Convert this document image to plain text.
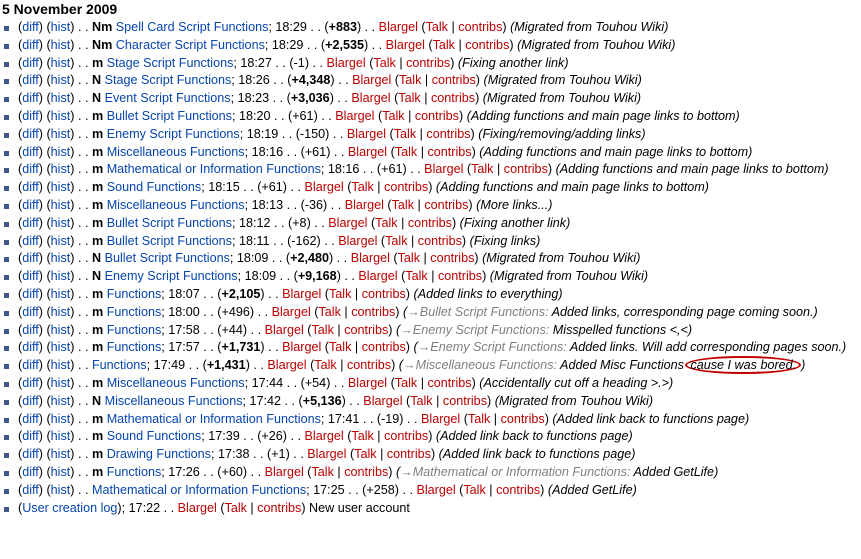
5 November 2009
(diff) (hist) . . Nm Spell Card Script Functions; 18:29 . . (+883) . . Blargel (Talk | contribs) (Migrated from Touhou Wiki)
(diff) (hist) . . Nm Character Script Functions; 18:29 . . (+2,535) . . Blargel (Talk | contribs) (Migrated from Touhou Wiki)
(diff) (hist) . . m Stage Script Functions; 18:27 . . (-1) . . Blargel (Talk | contribs) (Fixing another link)
(diff) (hist) . . N Stage Script Functions; 18:26 . . (+4,348) . . Blargel (Talk | contribs) (Migrated from Touhou Wiki)
(diff) (hist) . . N Event Script Functions; 18:23 . . (+3,036) . . Blargel (Talk | contribs) (Migrated from Touhou Wiki)
(diff) (hist) . . m Bullet Script Functions; 18:20 . . (+61) . . Blargel (Talk | contribs) (Adding functions and main page links to bottom)
(diff) (hist) . . m Enemy Script Functions; 18:19 . . (-150) . . Blargel (Talk | contribs) (Fixing/removing/adding links)
(diff) (hist) . . m Miscellaneous Functions; 18:16 . . (+61) . . Blargel (Talk | contribs) (Adding functions and main page links to bottom)
(diff) (hist) . . m Mathematical or Information Functions; 18:16 . . (+61) . . Blargel (Talk | contribs) (Adding functions and main page links to bottom)
(diff) (hist) . . m Sound Functions; 18:15 . . (+61) . . Blargel (Talk | contribs) (Adding functions and main page links to bottom)
(diff) (hist) . . m Miscellaneous Functions; 18:13 . . (-36) . . Blargel (Talk | contribs) (More links...)
(diff) (hist) . . m Bullet Script Functions; 18:12 . . (+8) . . Blargel (Talk | contribs) (Fixing another link)
(diff) (hist) . . m Bullet Script Functions; 18:11 . . (-162) . . Blargel (Talk | contribs) (Fixing links)
(diff) (hist) . . N Bullet Script Functions; 18:09 . . (+2,480) . . Blargel (Talk | contribs) (Migrated from Touhou Wiki)
(diff) (hist) . . N Enemy Script Functions; 18:09 . . (+9,168) . . Blargel (Talk | contribs) (Migrated from Touhou Wiki)
(diff) (hist) . . m Functions; 18:07 . . (+2,105) . . Blargel (Talk | contribs) (Added links to everything)
(diff) (hist) . . m Functions; 18:00 . . (+496) . . Blargel (Talk | contribs) (→Bullet Script Functions: Added links, corresponding page coming soon.)
(diff) (hist) . . m Functions; 17:58 . . (+44) . . Blargel (Talk | contribs) (→Enemy Script Functions: Misspelled functions <,<)
(diff) (hist) . . m Functions; 17:57 . . (+1,731) . . Blargel (Talk | contribs) (→Enemy Script Functions: Added links. Will add corresponding pages soon.)
(diff) (hist) . . Functions; 17:49 . . (+1,431) . . Blargel (Talk | contribs) (→Miscellaneous Functions: Added Misc Functions cause I was bored. )
(diff) (hist) . . m Miscellaneous Functions; 17:44 . . (+54) . . Blargel (Talk | contribs) (Accidentally cut off a heading >.>)
(diff) (hist) . . N Miscellaneous Functions; 17:42 . . (+5,136) . . Blargel (Talk | contribs) (Migrated from Touhou Wiki)
(diff) (hist) . . m Mathematical or Information Functions; 17:41 . . (-19) . . Blargel (Talk | contribs) (Added link back to functions page)
(diff) (hist) . . m Sound Functions; 17:39 . . (+26) . . Blargel (Talk | contribs) (Added link back to functions page)
(diff) (hist) . . m Drawing Functions; 17:38 . . (+1) . . Blargel (Talk | contribs) (Added link back to functions page)
(diff) (hist) . . m Functions; 17:26 . . (+60) . . Blargel (Talk | contribs) (→Mathematical or Information Functions: Added GetLife)
(diff) (hist) . . Mathematical or Information Functions; 17:25 . . (+258) . . Blargel (Talk | contribs) (Added GetLife)
(User creation log); 17:22 . . Blargel (Talk | contribs) New user account
